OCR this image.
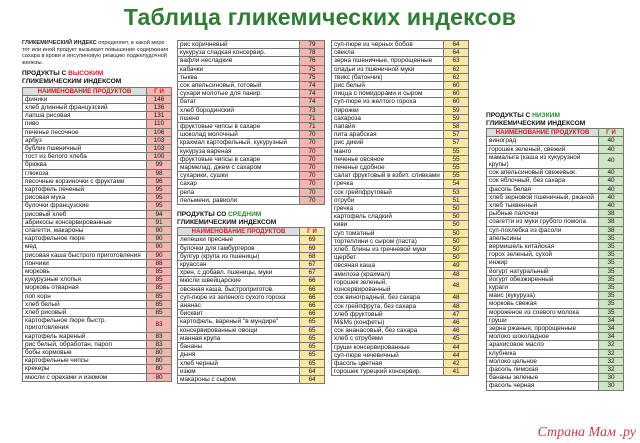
Таблица гликемических индексов

ГЛИКЕМИЧЕСКИЙ ИНДЕКС определяет, в какой мере тот или иной продукт вызывает повышение содержания сахара в крови и инсулиновую реакцию поджелудочной железы.

ПРОДУКТЫ С ВЫСОКИМ
ГЛИКЕМИЧЕСКИМ ИНДЕКСОМ
НАИМЕНОВАНИЕ ПРОДУКТОВ	Г И
финики	146
хлеб длинный французский	136
лапша рисовая	131
пиво	110
печенье песочное	106
арбуз	103
бублик пшеничный	103
тост из белого хлеба	100
брюква	99
глюкоза	98
песочные корзиночки с фруктами	96
картофель печеный	95
рисовая мука	95
булочки французские	95
рисовый хлеб	94
абрикосы консервированные	91
спагетти, макароны	90
картофельное пюре	90
мед	90
рисовая каша быстрого приготовления	90
пончики	88
морковь	85
кукурузные хлопья	85
морковь отварная	85
поп корн	85
хлеб белый	85
хлеб рисовый	85
картофельное пюре быстр. приготовления	83
картофель жареный	83
рис белый, обработан, пароп	83
бобы кормовые	80
картофельные чипсы	80
крекеры	80
мюсли с орехами и изюмом	80
рис коричневый	79
кукуруза сладкая консервир.	78
вафли несладкие	76
кабачки	75
тыква	75
сок апельсиновый, готовый	74
сухари молотые для панир.	74
батат	74
хлеб бородинский	73
пшено	71
фруктовые чипсы в сахаре	71
шоколад молочный	70
крахмал картофельный, кукурузный	70
кукуруза вареная	70
фруктовые чипсы в сахаре	70
мармелад, джем с сахаром	70
сухарики, сушки	70
сахар	70
репа	70
пельмени, равиоли	70
ПРОДУКТЫ СО СРЕДНИМ
ГЛИКЕМИЧЕСКИМ ИНДЕКСОМ
НАИМЕНОВАНИЕ ПРОДУКТОВ	Г И
лепешки пресные	69
булочки для гамбургеров	69
булгур (крупа из пшеницы)	68
круассан	67
хрен, с добавл. пшеницы, муки	67
мюсли швейцарские	66
овсяная каша, быстроприготов.	66
суп-пюре из зеленого сухого гороха	66
ананас	66
бисквит	66
картофель, вареный "в мундире"	65
консервированные овощи	65
манная крупа	65
бананы	65
дыня	65
хлеб черный	65
изюм	64
макароны с сыром	64
суп-пюре из черных бобов	64
свекла	64
зерна пшеничные, пророщенные	63
оладьи из пшеничной муки	62
твикс (батончик)	62
рис белый	60
пицца с помидорами и сыром	60
суп-пюре из желтого гороха	60
пирожки	59
сахароза	59
папайя	58
пита арабская	57
рис дикий	57
манго	55
печенье овсяное	55
печенье сдобное	55
салат фруктовый в взбит. сливками	55
гречка	54
сок грейпфрутовый	53
отруби	51
гречка	50
картофель сладкий	50
киви	50
суп томатный	50
тортеллини с сыром (паста)	50
хлеб, блины из гречневой муки	50
щербет	50
овсяная каша	49
амилоза (крахмал)	48
горошек зеленый, консервированный	48
сок виноградный, без сахара	48
сок грейпфрута, без сахара	48
хлеб фруктовый	47
M&Ms (конфеты)	46
сок ананасовый, без сахара	46
хлеб с отрубями	45
груши консервированные	44
суп-пюре чечевичный	44
фасоль цветная	42
горошек турецкий консервир.	41
ПРОДУКТЫ С НИЗКИМ
ГЛИКЕМИЧЕСКИМ ИНДЕКСОМ
НАИМЕНОВАНИЕ ПРОДУКТОВ	Г И
виноград	40
горошек зеленый, свежий	40
мамалыга (каша из кукурузной крупы)	40
сок апельсиновый свежевыж.	40
сок яблочный, без сахара	40
фасоль белая	40
хлеб зерновой пшеничный, ржаной	40
хлеб тыквенный	40
рыбные палочки	38
спагетти из муки грубого помола	38
суп-похлебка из фасоли	38
апельсины	35
вермишель китайская	35
горох зеленый, сухой	35
инжир	35
йогурт натуральный	35
йогурт обезжиренный	35
кураги	35
маис (кукуруза)	35
морковь свежая	35
мороженое из соевого молока	35
груши	34
зерна ржаные, пророщенные	34
молоко шоколадное	34
арахисовое масло	32
клубника	32
молоко цельное	32
фасоль лимская	32
бананы зеленые	30
фасоль черная	30
Страна Мам .ру
